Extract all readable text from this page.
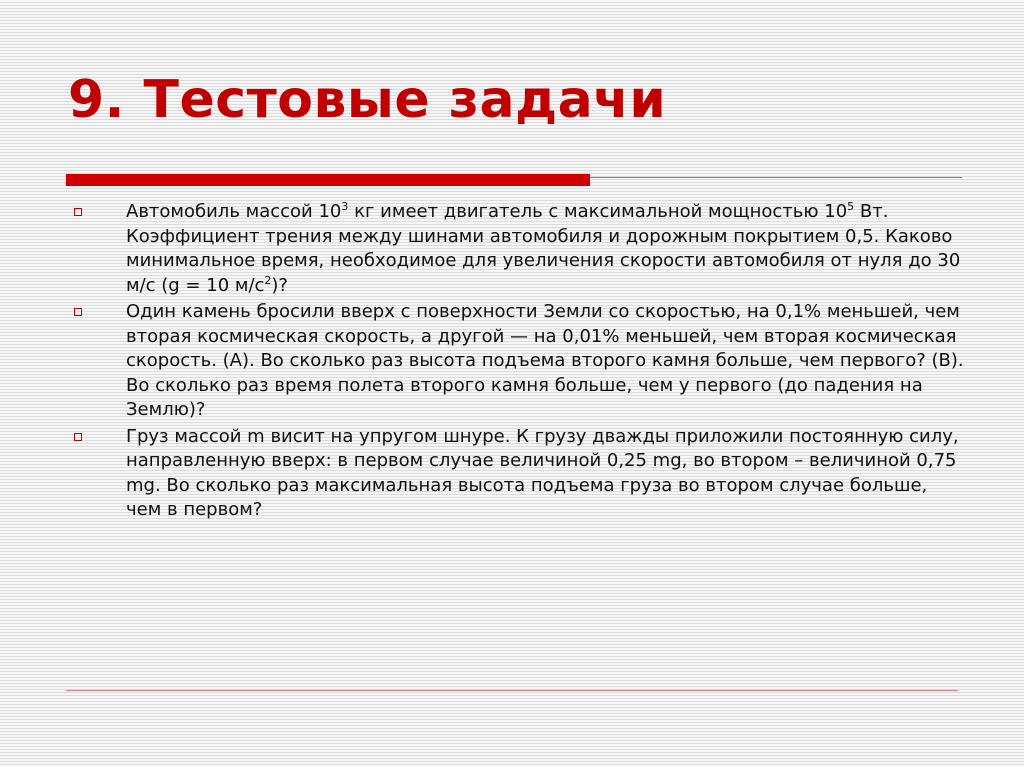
9. Тестовые задачи
Автомобиль массой $10^3$ кг имеет двигатель с максимальной мощностью $10^5$ Вт. Коэффициент трения между шинами автомобиля и дорожным покрытием 0,5. Каково минимальное время, необходимое для увеличения скорости автомобиля от нуля до 30 м/с (g = 10 $м/с^2$)?
Один камень бросили вверх с поверхности Земли со скоростью, на 0,1% меньшей, чем вторая космическая скорость, а другой — на 0,01% меньшей, чем вторая космическая скорость. (А). Во сколько раз высота подъема второго камня больше, чем первого? (В). Во сколько раз время полета второго камня больше, чем у первого (до падения на Землю)?
Груз массой m висит на упругом шнуре. К грузу дважды приложили постоянную силу, направленную вверх: в первом случае величиной 0,25 mg, во втором – величиной 0,75 mg. Во сколько раз максимальная высота подъема груза во втором случае больше, чем в первом?
